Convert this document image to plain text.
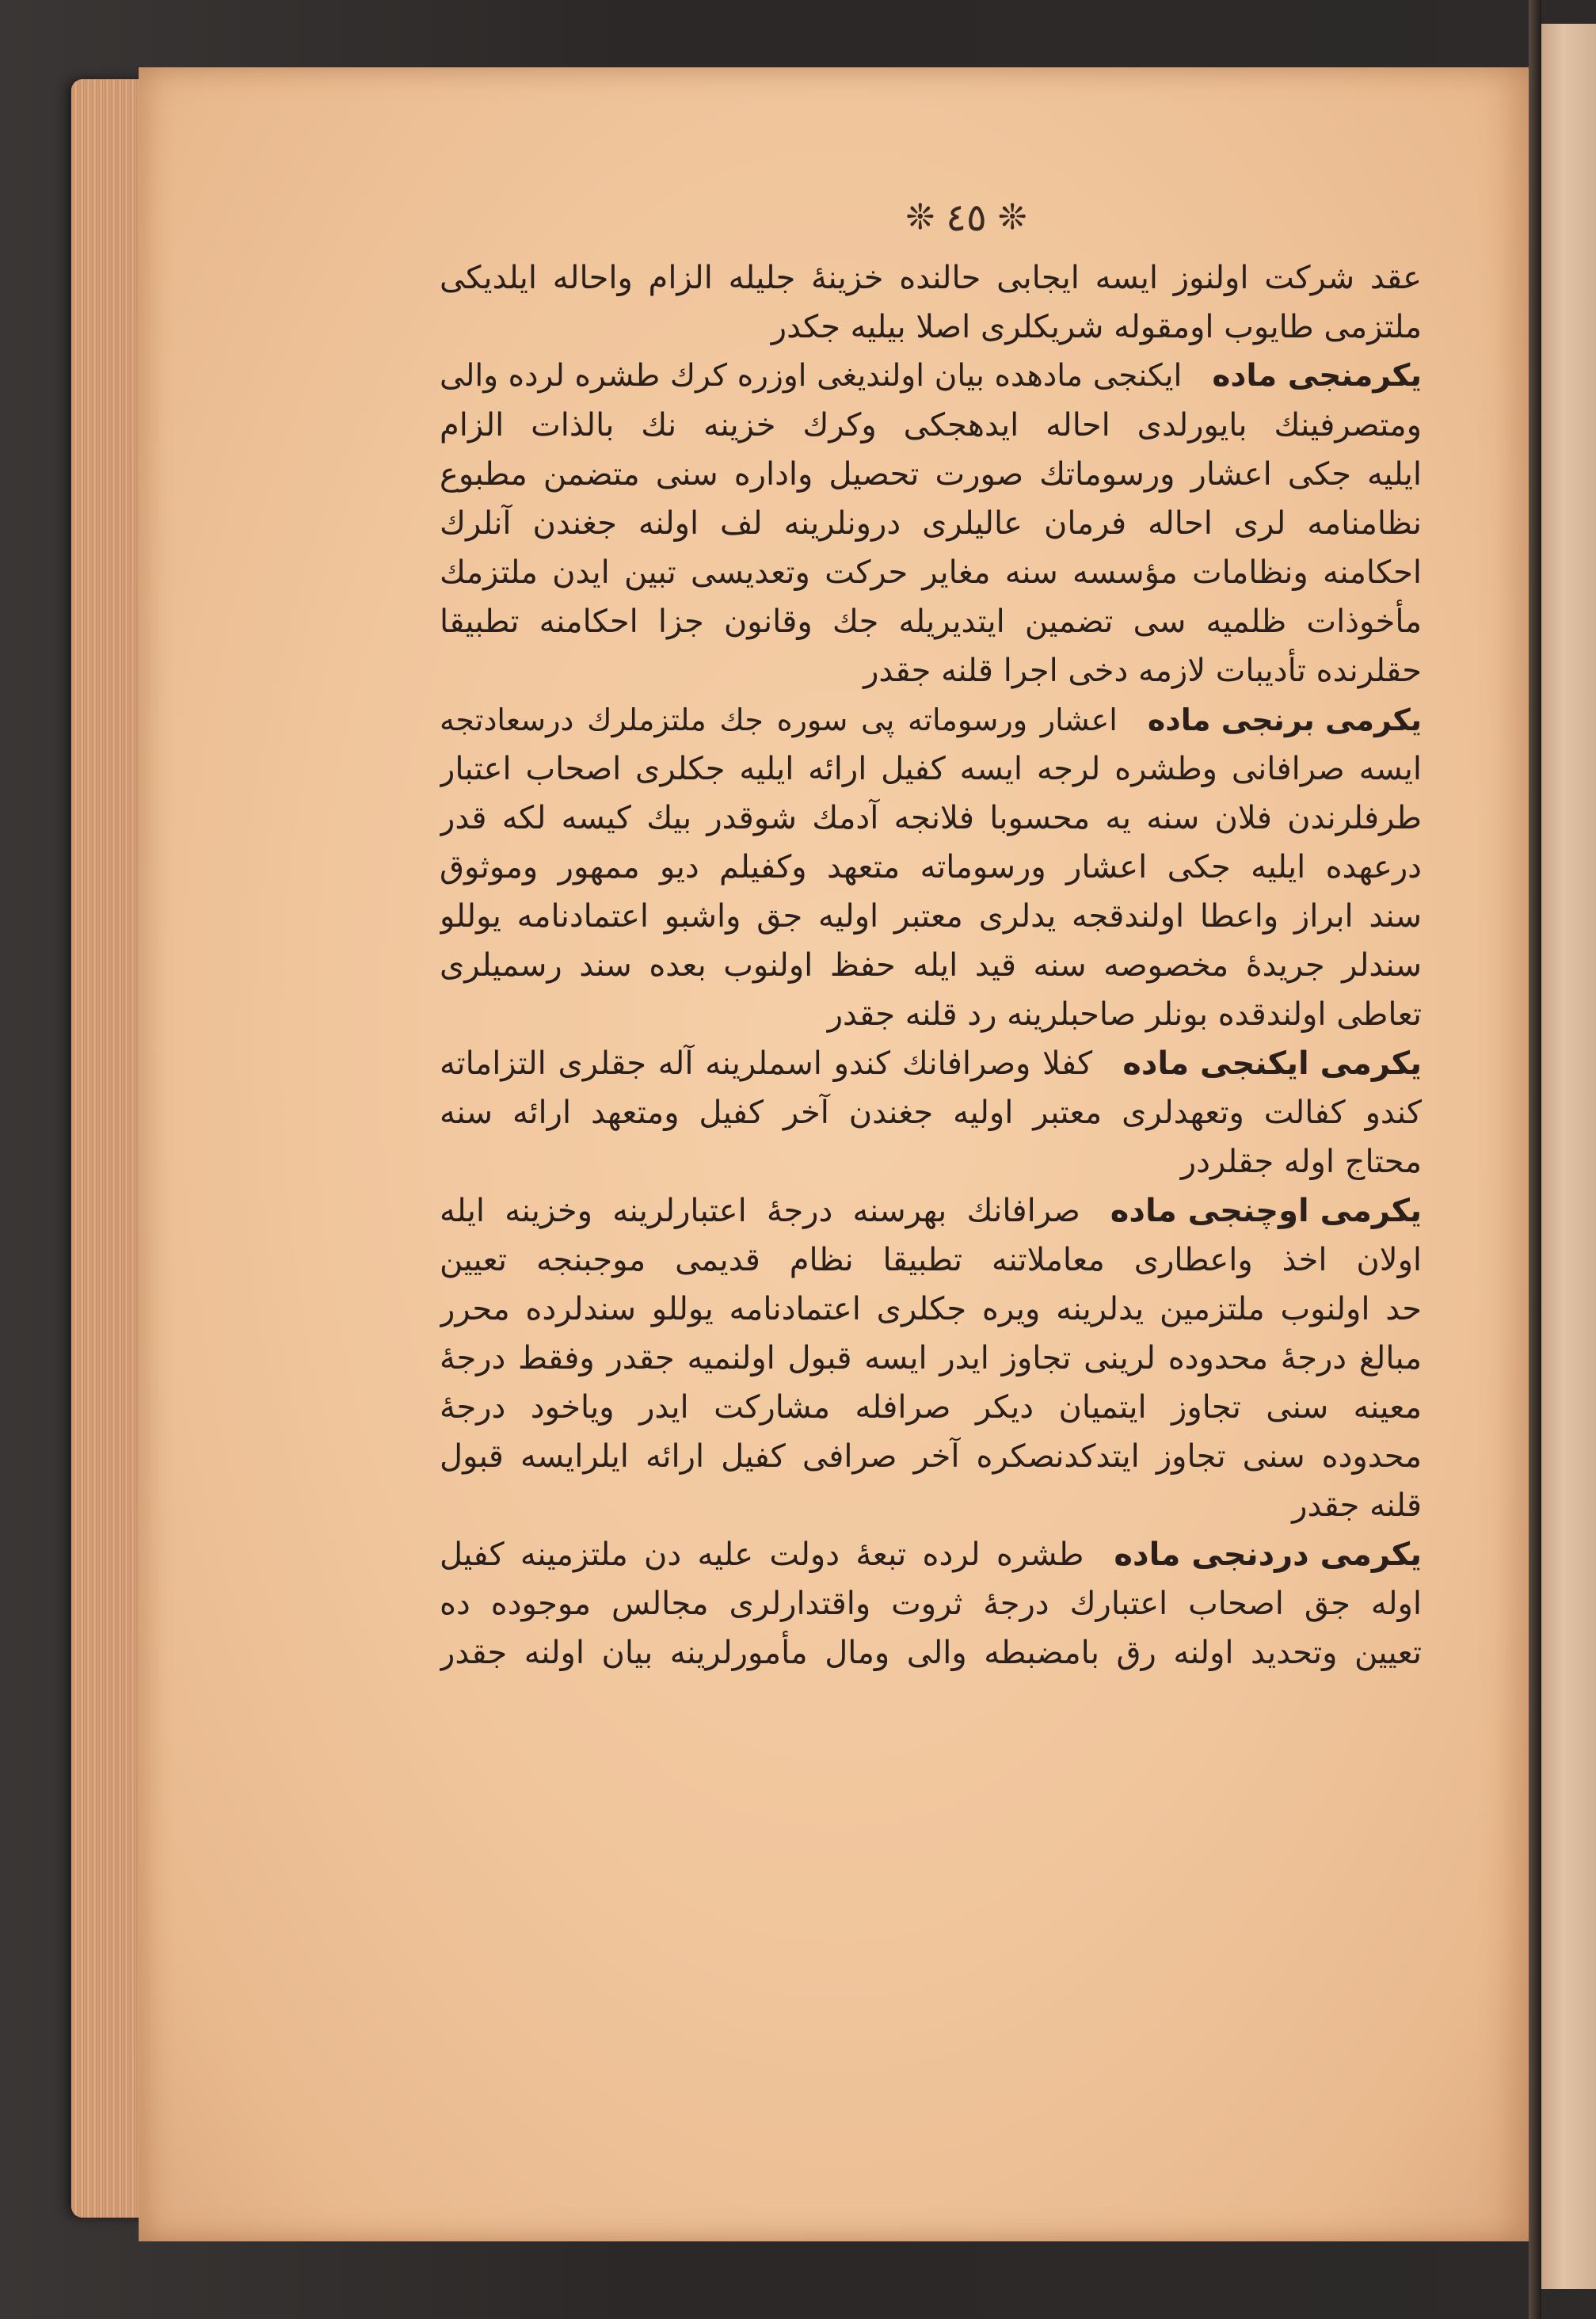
❊ ٤٥ ❊
عقد شركت اولنوز ايسه ايجابى حالنده خزينهٔ جليله الزام واحاله ايلديكى
ملتزمى طايوب اومقوله شريكلرى اصلا بيليه جكدر
يكرمنجى مادهايكنجى مادهده بيان اولنديغى اوزره كرك طشره لرده والى
ومتصرفينك بايورلدى احاله ايدهجكى وكرك خزينه نك بالذات الزام
ايليه جكى اعشار ورسوماتك صورت تحصيل واداره سنى متضمن مطبوع
نظامنامه لرى احاله فرمان عاليلرى درونلرينه لف اولنه جغندن آنلرك
احكامنه ونظامات مؤسسه سنه مغاير حركت وتعديسى تبين ايدن ملتزمك
مأخوذات ظلميه سى تضمين ايتديريله جك وقانون جزا احكامنه تطبيقا
حقلرنده تأديبات لازمه دخى اجرا قلنه جقدر
يكرمى برنجى مادهاعشار ورسوماته پى سوره جك ملتزملرك درسعادتجه
ايسه صرافانى وطشره لرجه ايسه كفيل ارائه ايليه جكلرى اصحاب اعتبار
طرفلرندن فلان سنه يه محسوبا فلانجه آدمك شوقدر بيك كيسه لكه قدر
درعهده ايليه جكى اعشار ورسوماته متعهد وكفيلم ديو ممهور وموثوق
سند ابراز واعطا اولندقجه يدلرى معتبر اوليه جق واشبو اعتمادنامه يوللو
سندلر جريدهٔ مخصوصه سنه قيد ايله حفظ اولنوب بعده سند رسميلرى
تعاطى اولندقده بونلر صاحبلرينه رد قلنه جقدر
يكرمى ايكنجى مادهكفلا وصرافانك كندو اسملرينه آله جقلرى التزاماته
كندو كفالت وتعهدلرى معتبر اوليه جغندن آخر كفيل ومتعهد ارائه سنه
محتاج اوله جقلردر
يكرمى اوچنجى مادهصرافانك بهرسنه درجهٔ اعتبارلرينه وخزينه ايله
اولان اخذ واعطارى معاملاتنه تطبيقا نظام قديمى موجبنجه تعيين
حد اولنوب ملتزمين يدلرينه ويره جكلرى اعتمادنامه يوللو سندلرده محرر
مبالغ درجهٔ محدوده لرينى تجاوز ايدر ايسه قبول اولنميه جقدر وفقط درجهٔ
معينه سنى تجاوز ايتميان ديكر صرافله مشاركت ايدر وياخود درجهٔ
محدوده سنى تجاوز ايتدكدنصكره آخر صرافى كفيل ارائه ايلرايسه قبول
قلنه جقدر
يكرمى دردنجى مادهطشره لرده تبعهٔ دولت عليه دن ملتزمينه كفيل
اوله جق اصحاب اعتبارك درجهٔ ثروت واقتدارلرى مجالس موجوده ده
تعيين وتحديد اولنه رق بامضبطه والى ومال مأمورلرينه بيان اولنه جقدر
